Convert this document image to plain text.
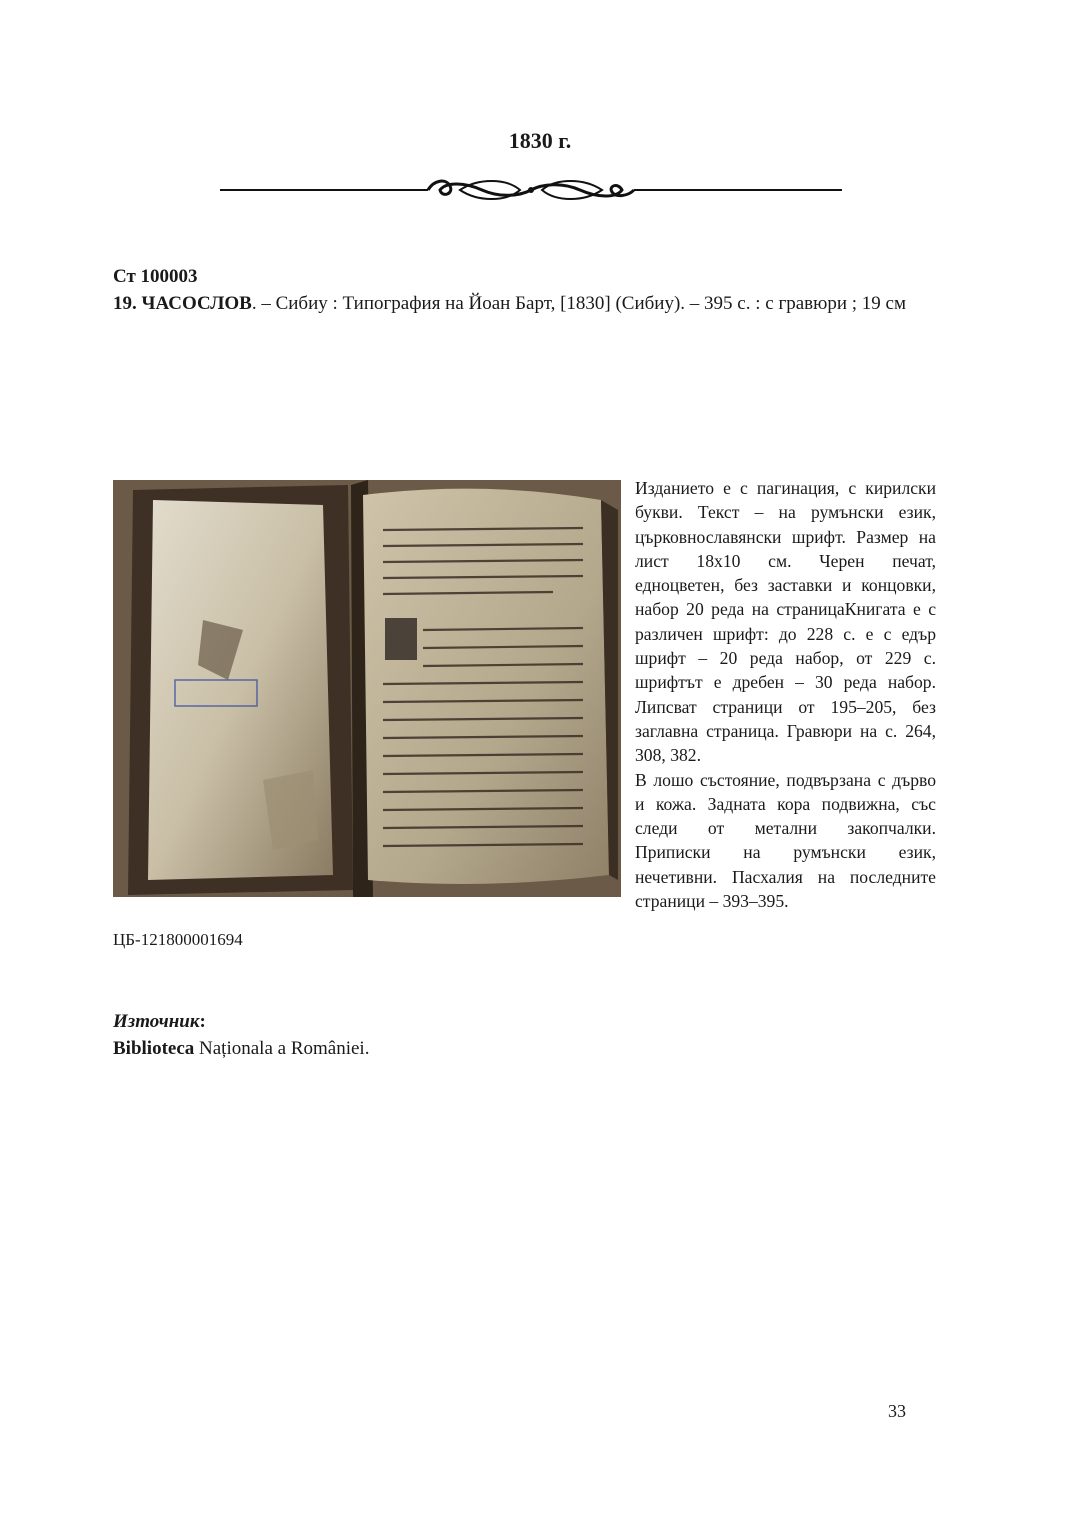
1830 г.
Ст 100003
19. ЧАСОСЛОВ. – Сибиу : Типография на Йоан Барт, [1830] (Сибиу). – 395 с. : с гравюри ; 19 см

Изданието е с пагинация, с кирилски букви. Текст – на румънски език, църковнославянски шрифт. Размер на лист 18x10 см. Черен печат, едноцветен, без заставки и концовки, набор 20 реда на страницаКнигата е с различен шрифт: до 228 с. е с едър шрифт – 20 реда набор, от 229 с. шрифтът е дребен – 30 реда набор. Липсват страници от 195–205, без заглавна страница. Гравюри на с. 264, 308, 382.

В лошо състояние, подвързана с дърво и кожа. Задната кора подвижна, със следи от метални закопчалки. Приписки на румънски език, нечетивни. Пасхалия на последните страници – 393–395.

ЦБ-121800001694
Източник:
Biblioteca Naționala a României.
33
